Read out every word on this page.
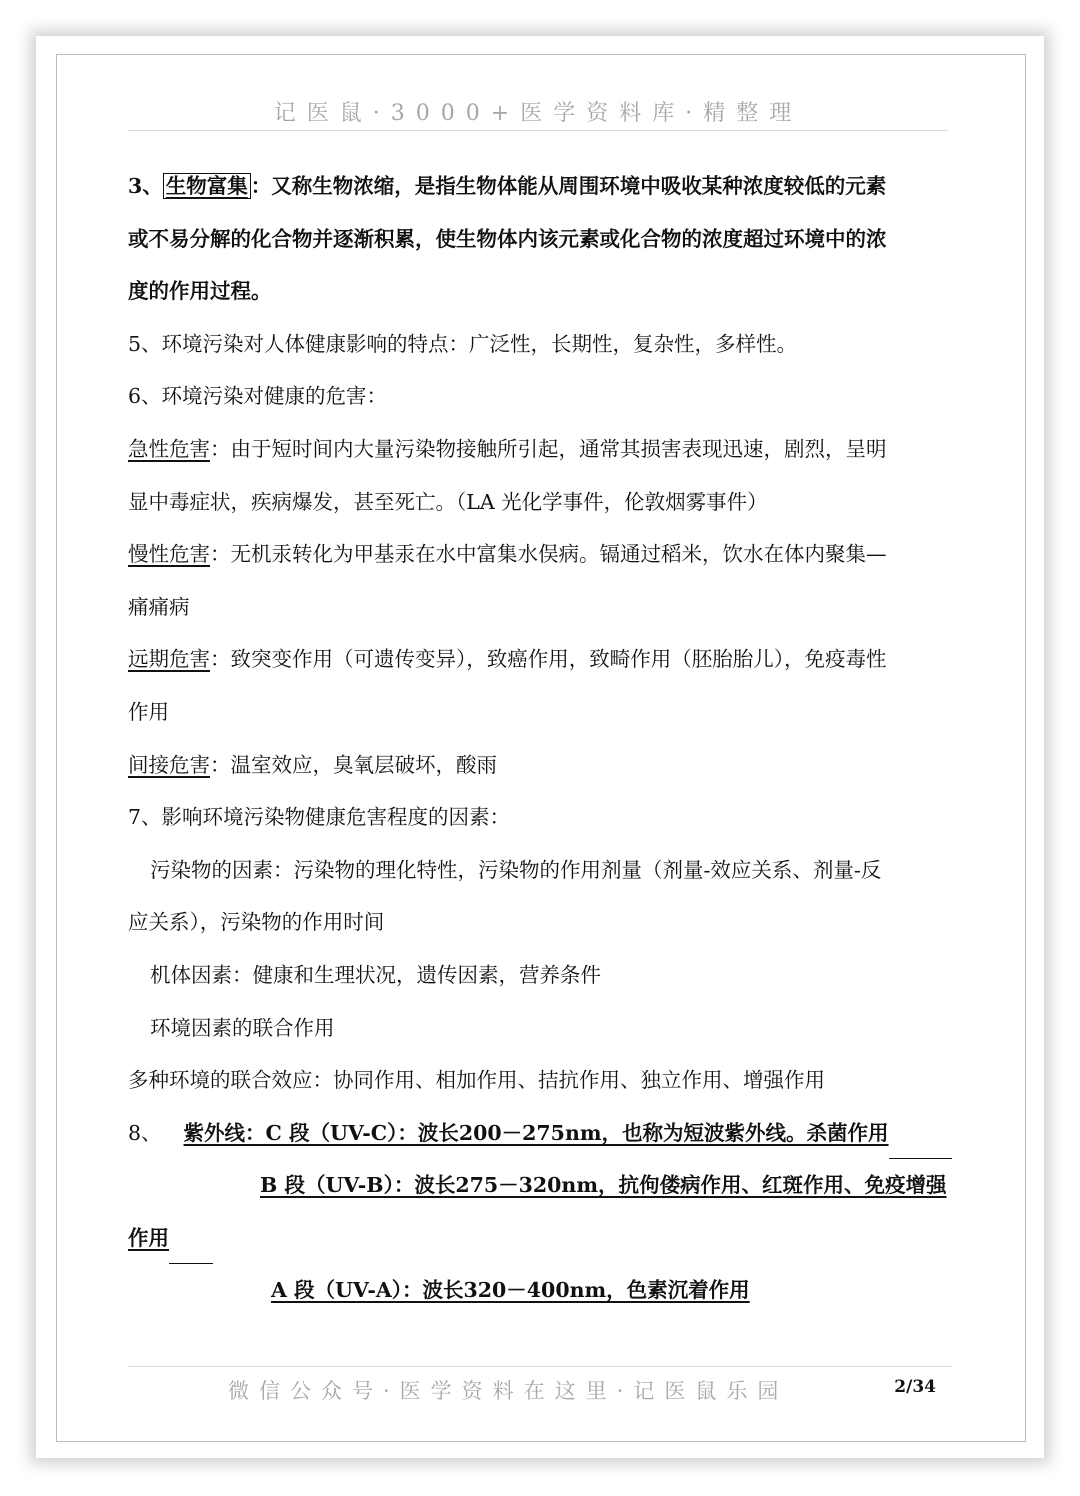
记医鼠·3000+医学资料库·精整理
3、 生物富集 ：又称生物浓缩，是指生物体能从周围环境中吸收某种浓度较低的元素
或不易分解的化合物并逐渐积累，使生物体内该元素或化合物的浓度超过环境中的浓
度的作用过程。
5、环境污染对人体健康影响的特点：广泛性，长期性，复杂性，多样性。
6、环境污染对健康的危害：
急性危害：由于短时间内大量污染物接触所引起，通常其损害表现迅速，剧烈，呈明
显中毒症状，疾病爆发，甚至死亡。（LA 光化学事件，伦敦烟雾事件）
慢性危害：无机汞转化为甲基汞在水中富集水俣病。镉通过稻米，饮水在体内聚集—
痛痛病
远期危害：致突变作用（可遗传变异），致癌作用，致畸作用（胚胎胎儿），免疫毒性
作用
间接危害：温室效应，臭氧层破坏，酸雨
7、影响环境污染物健康危害程度的因素：
污染物的因素：污染物的理化特性，污染物的作用剂量（剂量-效应关系、剂量-反
应关系），污染物的作用时间
机体因素：健康和生理状况，遗传因素，营养条件
环境因素的联合作用
多种环境的联合效应：协同作用、相加作用、拮抗作用、独立作用、增强作用
8、 紫外线：C 段（UV-C）：波长200－275nm，也称为短波紫外线。杀菌作用
B 段（UV-B）：波长275－320nm，抗佝偻病作用、红斑作用、免疫增强
作用
A 段（UV-A）：波长320－400nm，色素沉着作用
微信公众号·医学资料在这里·记医鼠乐园	2/34
